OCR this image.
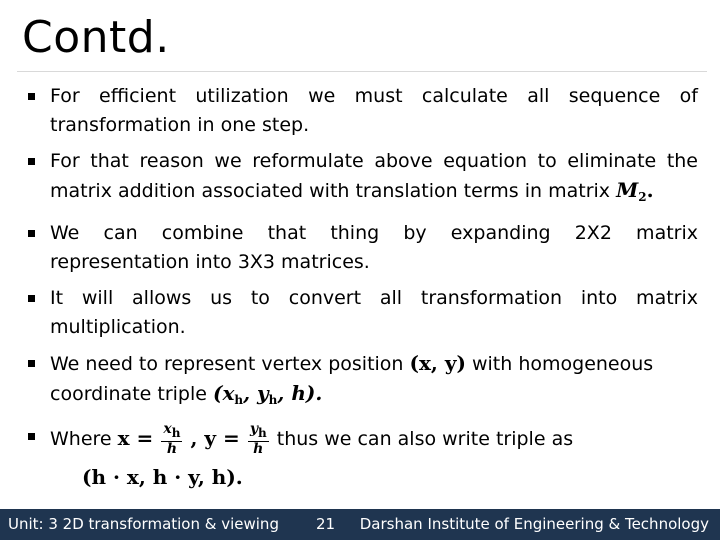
Contd.
For efficient utilization we must calculate all sequence of transformation in one step.
For that reason we reformulate above equation to eliminate the matrix addition associated with translation terms in matrix $M_2$.
We can combine that thing by expanding 2X2 matrix representation into 3X3 matrices.
It will allows us to convert all transformation into matrix multiplication.
We need to represent vertex position (x, y) with homogeneous coordinate triple ($x_h$, $y_h$, h).
Where $x = \frac{xh}{h}$ , $y = \frac{yh}{h}$ thus we can also write triple as
(h · x, h · y, h).
Unit: 3 2D transformation & viewing 21 Darshan Institute of Engineering & Technology
